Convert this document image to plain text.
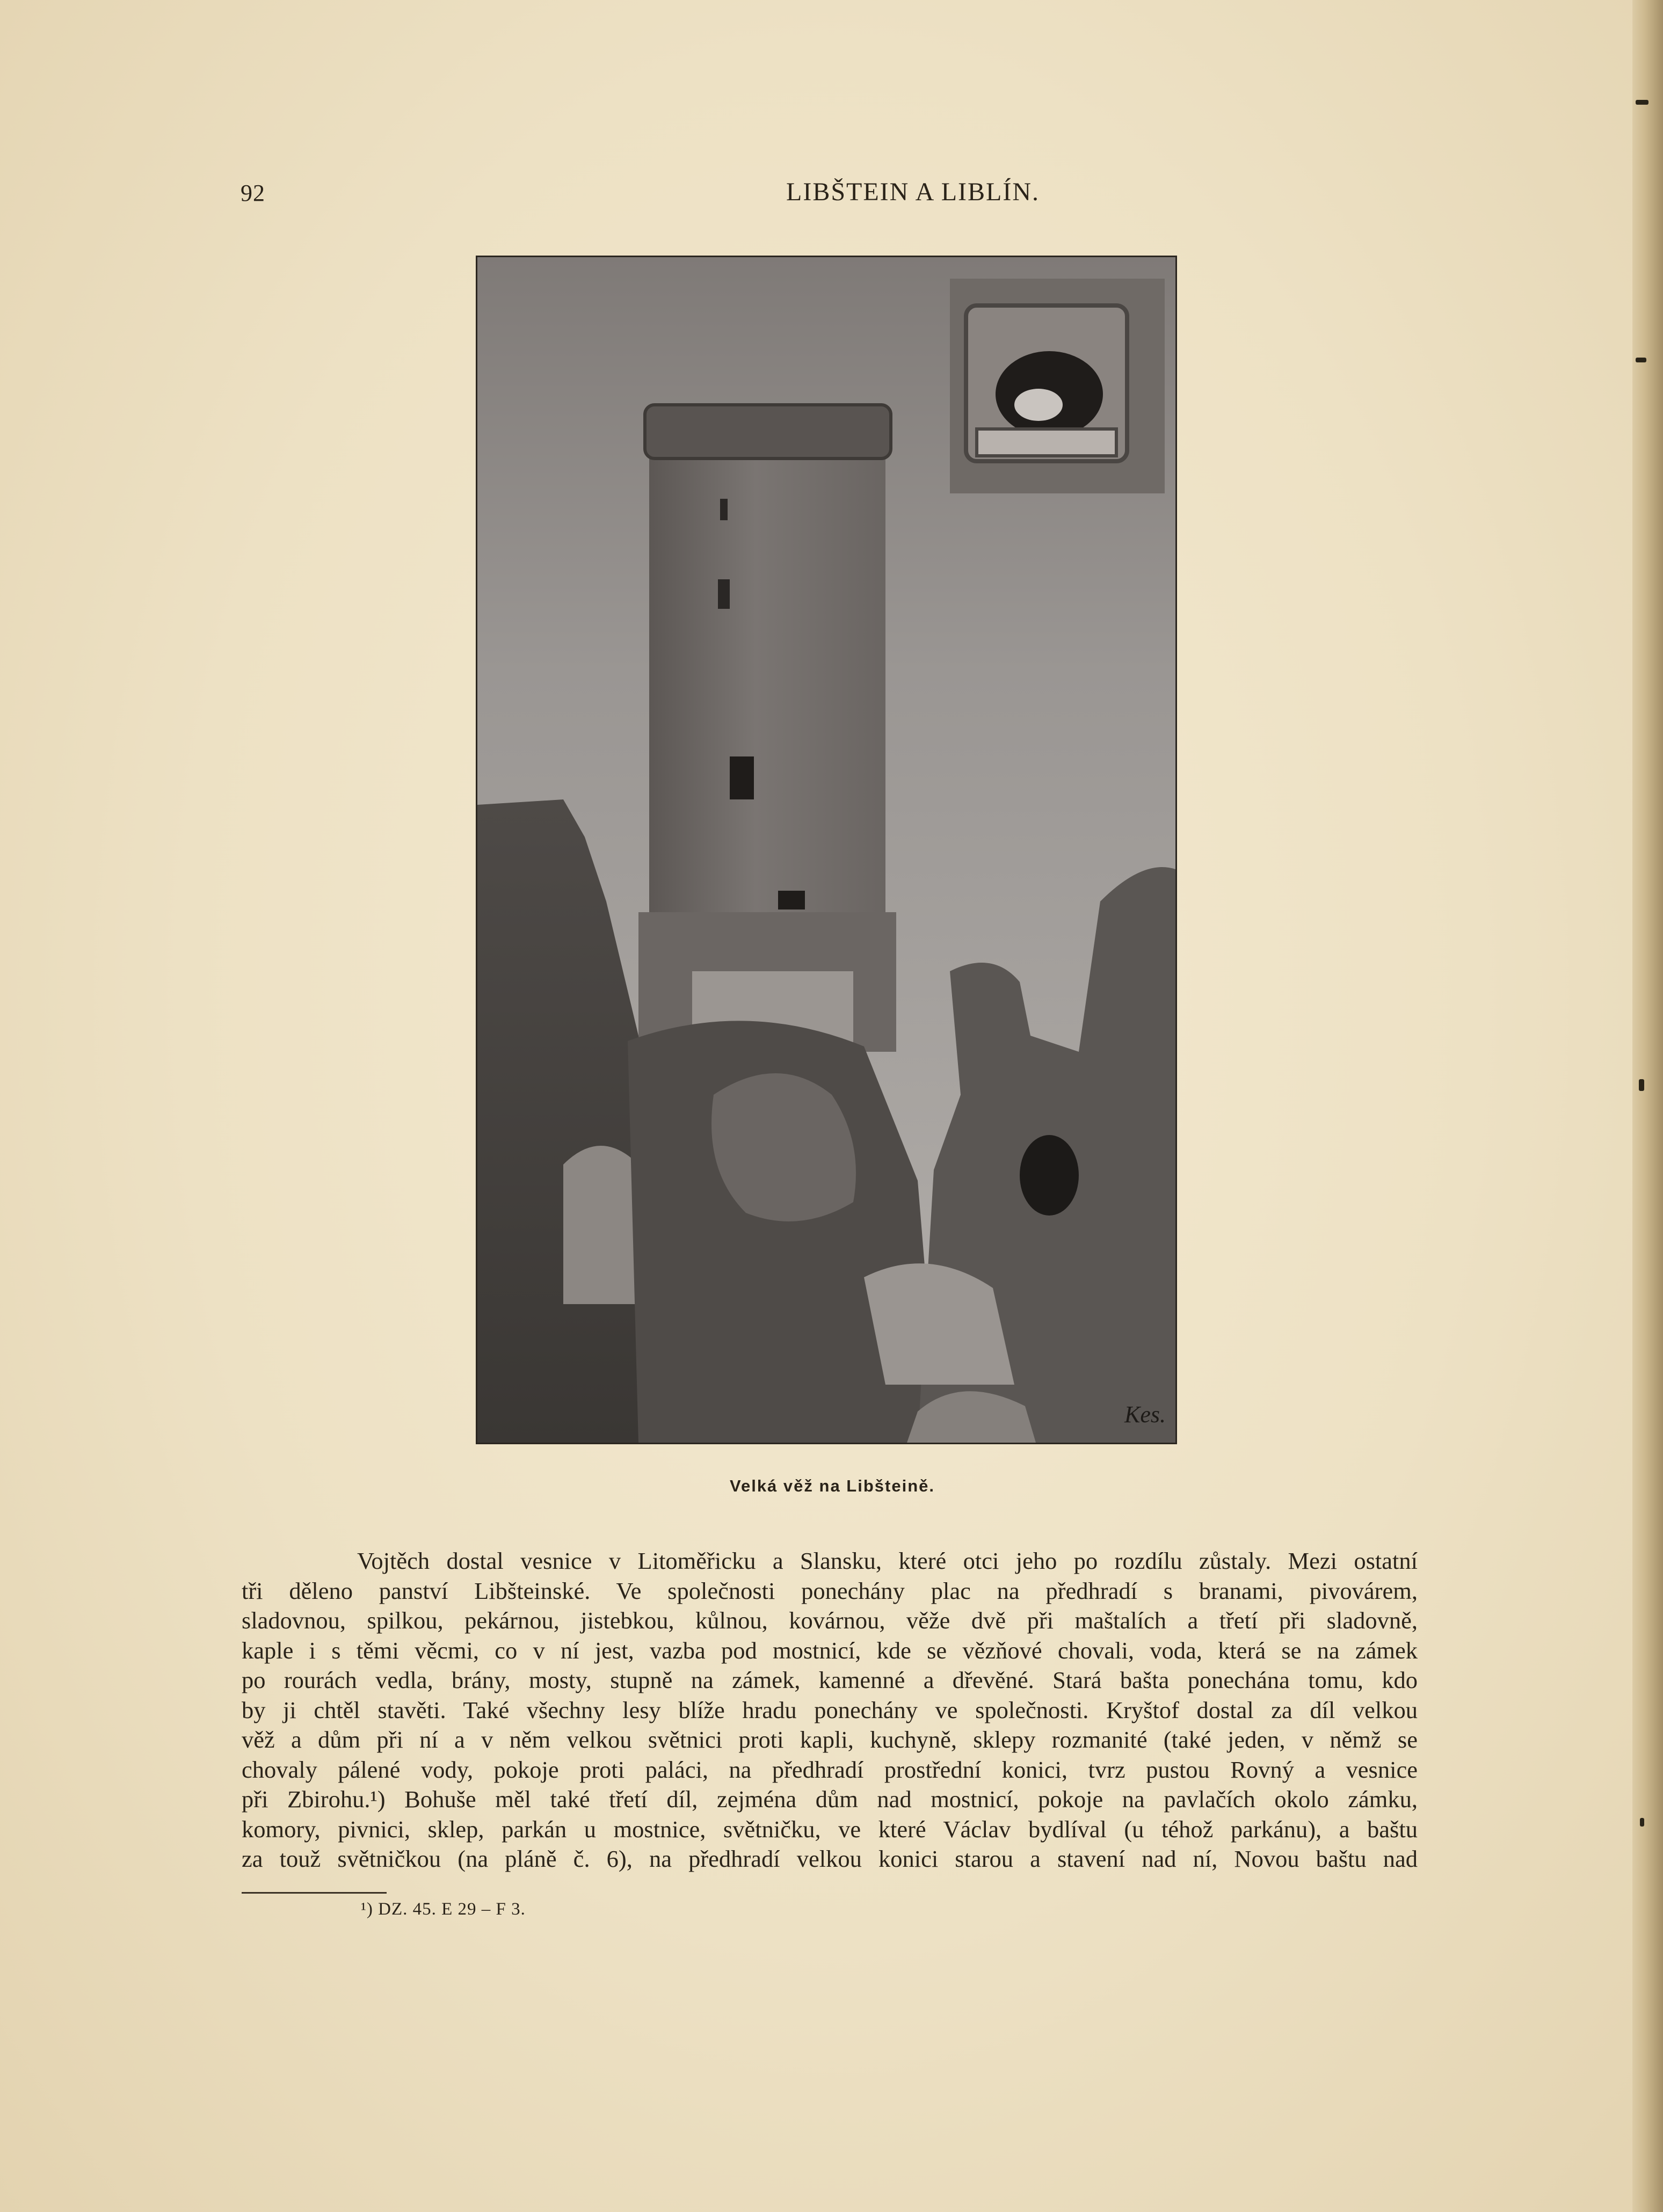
92	LIBŠTEIN A LIBLÍN.
Kes.
Velká věž na Libšteině.
Vojtěch dostal vesnice v Litoměřicku a Slansku, které otci jeho po rozdílu zůstaly. Mezi ostatní
tři děleno panství Libšteinské. Ve společnosti ponechány plac na předhradí s branami, pivovárem,
sladovnou, spilkou, pekárnou, jistebkou, kůlnou, kovárnou, věže dvě při maštalích a třetí při sladovně,
kaple i s těmi věcmi, co v ní jest, vazba pod mostnicí, kde se vězňové chovali, voda, která se na zámek
po rourách vedla, brány, mosty, stupně na zámek, kamenné a dřevěné. Stará bašta ponechána tomu, kdo
by ji chtěl stavěti. Také všechny lesy blíže hradu ponechány ve společnosti. Kryštof dostal za díl velkou
věž a dům při ní a v něm velkou světnici proti kapli, kuchyně, sklepy rozmanité (také jeden, v němž se
chovaly pálené vody, pokoje proti paláci, na předhradí prostřední konici, tvrz pustou Rovný a vesnice
při Zbirohu.¹) Bohuše měl také třetí díl, zejména dům nad mostnicí, pokoje na pavlačích okolo zámku,
komory, pivnici, sklep, parkán u mostnice, světničku, ve které Václav bydlíval (u téhož parkánu), a baštu
za touž světničkou (na pláně č. 6), na předhradí velkou konici starou a stavení nad ní, Novou baštu nad
¹) DZ. 45. E 29 – F 3.
